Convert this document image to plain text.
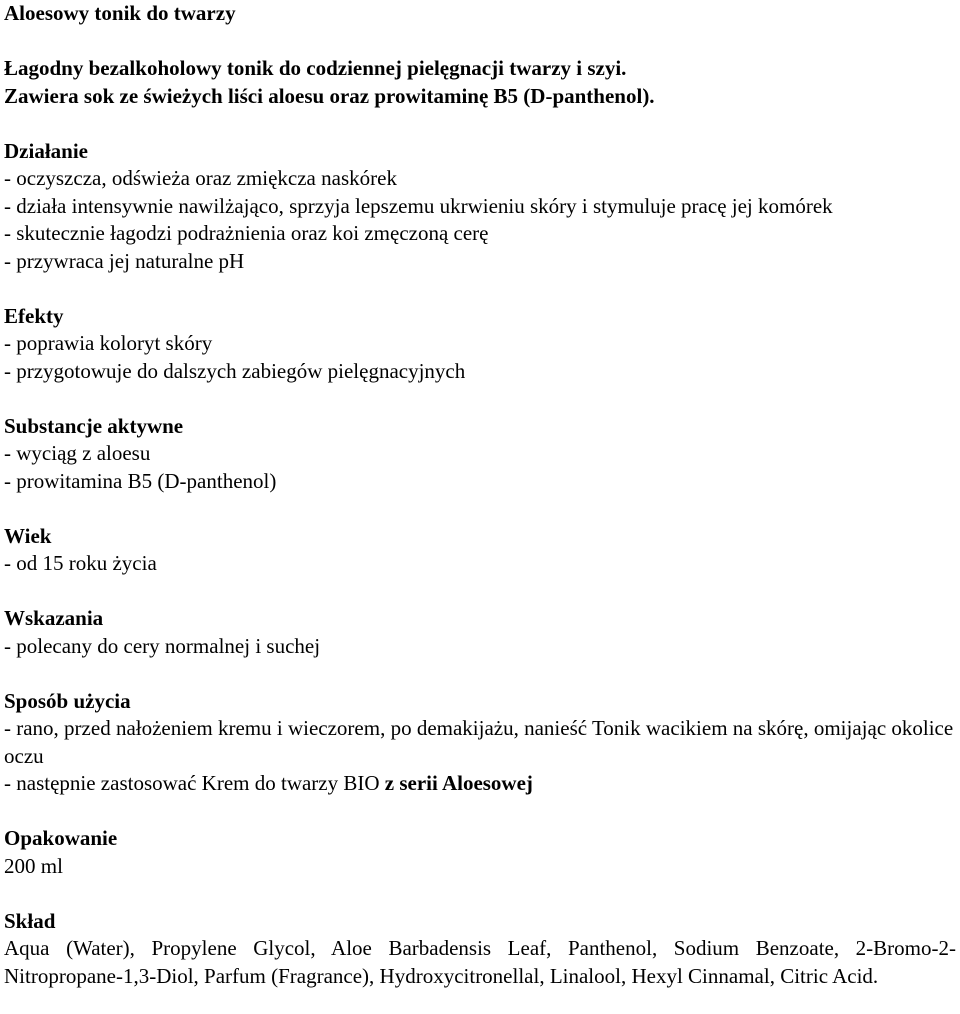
Aloesowy tonik do twarzy

Łagodny bezalkoholowy tonik do codziennej pielęgnacji twarzy i szyi.

Zawiera sok ze świeżych liści aloesu oraz prowitaminę B5 (D-panthenol).

Działanie

- oczyszcza, odświeża oraz zmiękcza naskórek

- działa intensywnie nawilżająco, sprzyja lepszemu ukrwieniu skóry i stymuluje pracę jej komórek

- skutecznie łagodzi podrażnienia oraz koi zmęczoną cerę

- przywraca jej naturalne pH

Efekty

- poprawia koloryt skóry

- przygotowuje do dalszych zabiegów pielęgnacyjnych

Substancje aktywne

- wyciąg z aloesu

- prowitamina B5 (D-panthenol)

Wiek

- od 15 roku życia

Wskazania

- polecany do cery normalnej i suchej

Sposób użycia

- rano, przed nałożeniem kremu i wieczorem, po demakijażu, nanieść Tonik wacikiem na skórę, omijając okolice oczu

- następnie zastosować Krem do twarzy BIO z serii Aloesowej

Opakowanie

200 ml

Skład

Aqua (Water), Propylene Glycol, Aloe Barbadensis Leaf, Panthenol, Sodium Benzoate, 2-Bromo-2-Nitropropane-1,3-Diol, Parfum (Fragrance), Hydroxycitronellal, Linalool, Hexyl Cinnamal, Citric Acid.
